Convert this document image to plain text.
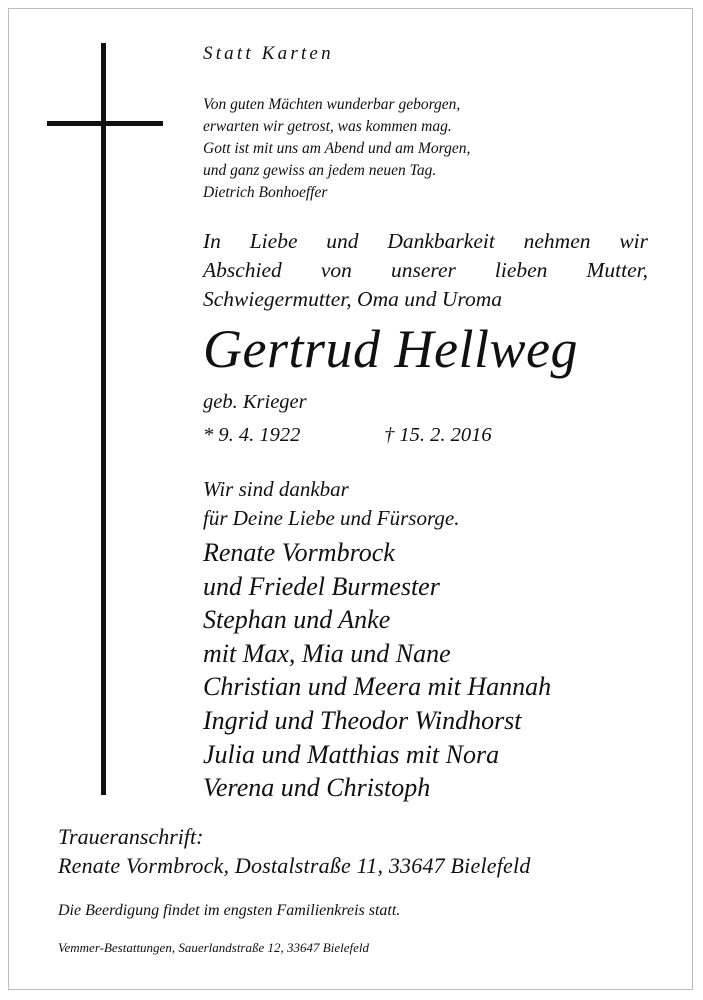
Statt Karten
Von guten Mächten wunderbar geborgen,
erwarten wir getrost, was kommen mag.
Gott ist mit uns am Abend und am Morgen,
und ganz gewiss an jedem neuen Tag.
Dietrich Bonhoeffer
In Liebe und Dankbarkeit nehmen wir
Abschied von unserer lieben Mutter,
Schwiegermutter, Oma und Uroma
Gertrud Hellweg
geb. Krieger
* 9. 4. 1922	† 15. 2. 2016
Wir sind dankbar
für Deine Liebe und Fürsorge.
Renate Vormbrock
und Friedel Burmester
Stephan und Anke
mit Max, Mia und Nane
Christian und Meera mit Hannah
Ingrid und Theodor Windhorst
Julia und Matthias mit Nora
Verena und Christoph
Traueranschrift:
Renate Vormbrock, Dostalstraße 11, 33647 Bielefeld
Die Beerdigung findet im engsten Familienkreis statt.
Vemmer-Bestattungen, Sauerlandstraße 12, 33647 Bielefeld
